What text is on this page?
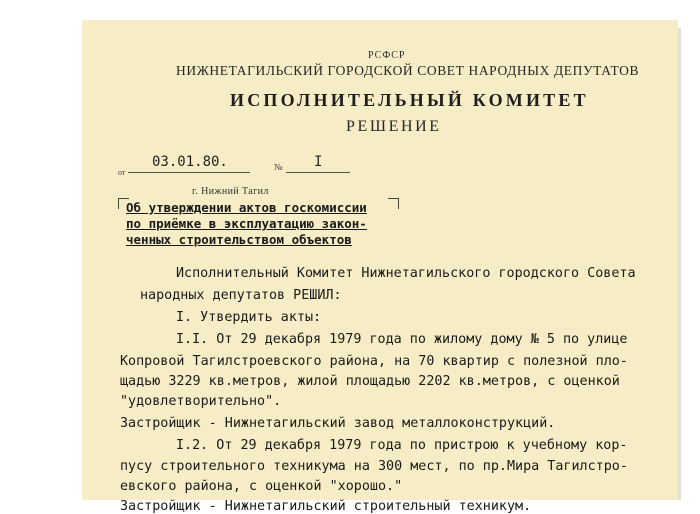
РСФСР
НИЖНЕТАГИЛЬСКИЙ ГОРОДСКОЙ СОВЕТ НАРОДНЫХ ДЕПУТАТОВ
ИСПОЛНИТЕЛЬНЫЙ КОМИТЕТ
РЕШЕНИЕ
от
03.01.80.	№ I
г. Нижний Тагил
Об утверждении актов госкомиссии
по приёмке в эксплуатацию закон-
ченных строительством объектов
Исполнительный Комитет Нижнетагильского городского Совета
народных депутатов РЕШИЛ:
I. Утвердить акты:
I.I. От 29 декабря 1979 года по жилому дому № 5 по улице
Копровой Тагилстроевского района, на 70 квартир с полезной пло-
щадью 3229 кв.метров, жилой площадью 2202 кв.метров, с оценкой
"удовлетворительно".
Застройщик - Нижнетагильский завод металлоконструкций.
I.2. От 29 декабря 1979 года по пристрою к учебному кор-
пусу строительного техникума на 300 мест, по пр.Мира Тагилстро-
евского района, с оценкой "хорошо."
Застройщик - Нижнетагильский строительный техникум.
